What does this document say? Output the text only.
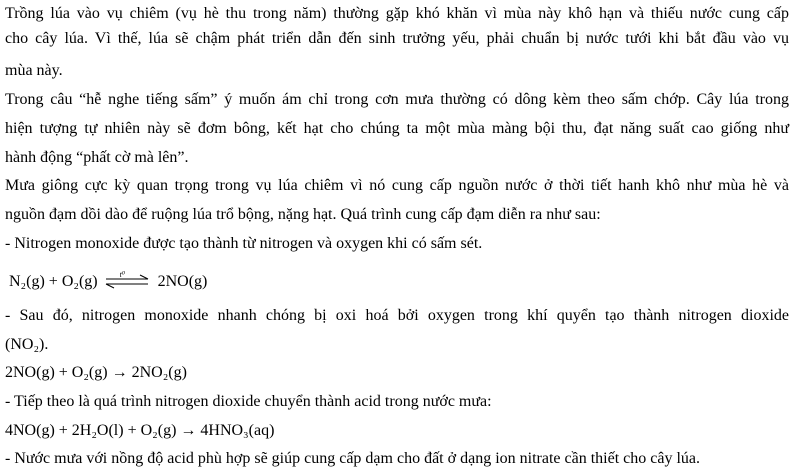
Trồng lúa vào vụ chiêm (vụ hè thu trong năm) thường gặp khó khăn vì mùa này khô hạn và thiếu nước cung cấp
cho cây lúa. Vì thế, lúa sẽ chậm phát triển dẫn đến sinh trưởng yếu, phải chuẩn bị nước tưới khi bắt đầu vào vụ
mùa này.
Trong câu “hễ nghe tiếng sấm” ý muốn ám chỉ trong cơn mưa thường có dông kèm theo sấm chớp. Cây lúa trong
hiện tượng tự nhiên này sẽ đơm bông, kết hạt cho chúng ta một mùa màng bội thu, đạt năng suất cao giống như
hành động “phất cờ mà lên”.
Mưa giông cực kỳ quan trọng trong vụ lúa chiêm vì nó cung cấp nguồn nước ở thời tiết hanh khô như mùa hè và
nguồn đạm dồi dào để ruộng lúa trổ bộng, nặng hạt. Quá trình cung cấp đạm diễn ra như sau:
- Nitrogen monoxide được tạo thành từ nitrogen và oxygen khi có sấm sét.
N₂(g) + O₂(g)	t⁰ 2NO(g)
- Sau đó, nitrogen monoxide nhanh chóng bị oxi hoá bởi oxygen trong khí quyển tạo thành nitrogen dioxide
(NO₂).
2NO(g) + O₂(g) → 2NO₂(g)
- Tiếp theo là quá trình nitrogen dioxide chuyển thành acid trong nước mưa:
4NO(g) + 2H₂O(l) + O₂(g) → 4HNO₃(aq)
- Nước mưa với nồng độ acid phù hợp sẽ giúp cung cấp dạm cho đất ở dạng ion nitrate cần thiết cho cây lúa.
